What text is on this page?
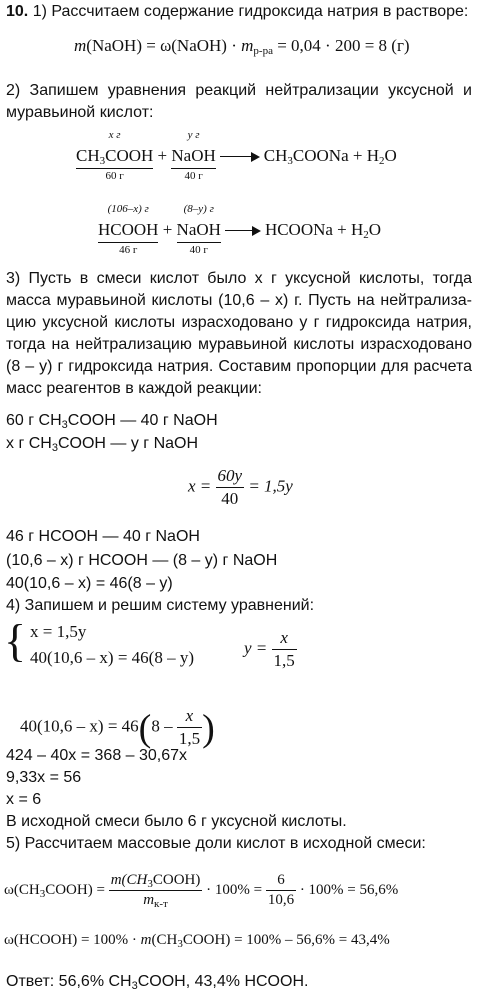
10. 1) Рассчитаем содержание гидроксида натрия в растворе:
m(NaOH) = ω(NaOH) · $m_{р-ра} = 0,04 \cdot 200 = 8$ (г)
2) Запишем уравнения реакций нейтрализации уксусной и
муравьиной кислот:
x г
$CH_3COOH$
60 г
+
y г
NaOH
40 г
$CH_3COONa + H_2O$
(106–x) г
HCOOH
46 г
+
(8–y) г
NaOH
40 г
HCOONa + $H_2O$
3) Пусть в смеси кислот было x г уксусной кислоты, тогда
масса муравьиной кислоты (10,6 – x) г. Пусть на нейтрализа-
цию уксусной кислоты израсходовано y г гидроксида натрия,
тогда на нейтрализацию муравьиной кислоты израсходовано
(8 – y) г гидроксида натрия. Составим пропорции для расчета
масс реагентов в каждой реакции:
60 г $CH_3COOH$ — 40 г NaOH
x г $CH_3COOH$ — y г NaOH
$x = \frac{60y}{40} = 1,5y$
46 г HCOOH — 40 г NaOH
(10,6 – x) г HCOOH — (8 – y) г NaOH
40(10,6 – x) = 46(8 – y)
4) Запишем и решим систему уравнений:
{ x = 1,5y
40(10,6 – x) = 46(8 – y)
$y = \frac{x}{1,5}$
$40(10,6 - x) = 46(8 - \frac{x}{1,5}$ )
424 – 40x = 368 – 30,67x
9,33x = 56
x = 6
В исходной смеси было 6 г уксусной кислоты.
5) Рассчитаем массовые доли кислот в исходной смеси:
$\omega(CH_3COOH) = \frac{m(CH_3COOH)}{m_{к-т}} \cdot 100\% = \frac{6}{10,6} \cdot 100\% = 56,6\%$
ω(HCOOH) = $100\% \cdot m(CH_3COOH) = 100\% - 56,6\% = 43,4\%$
Ответ: 56,6% $CH_3COOH$, 43,4% HCOOH.
